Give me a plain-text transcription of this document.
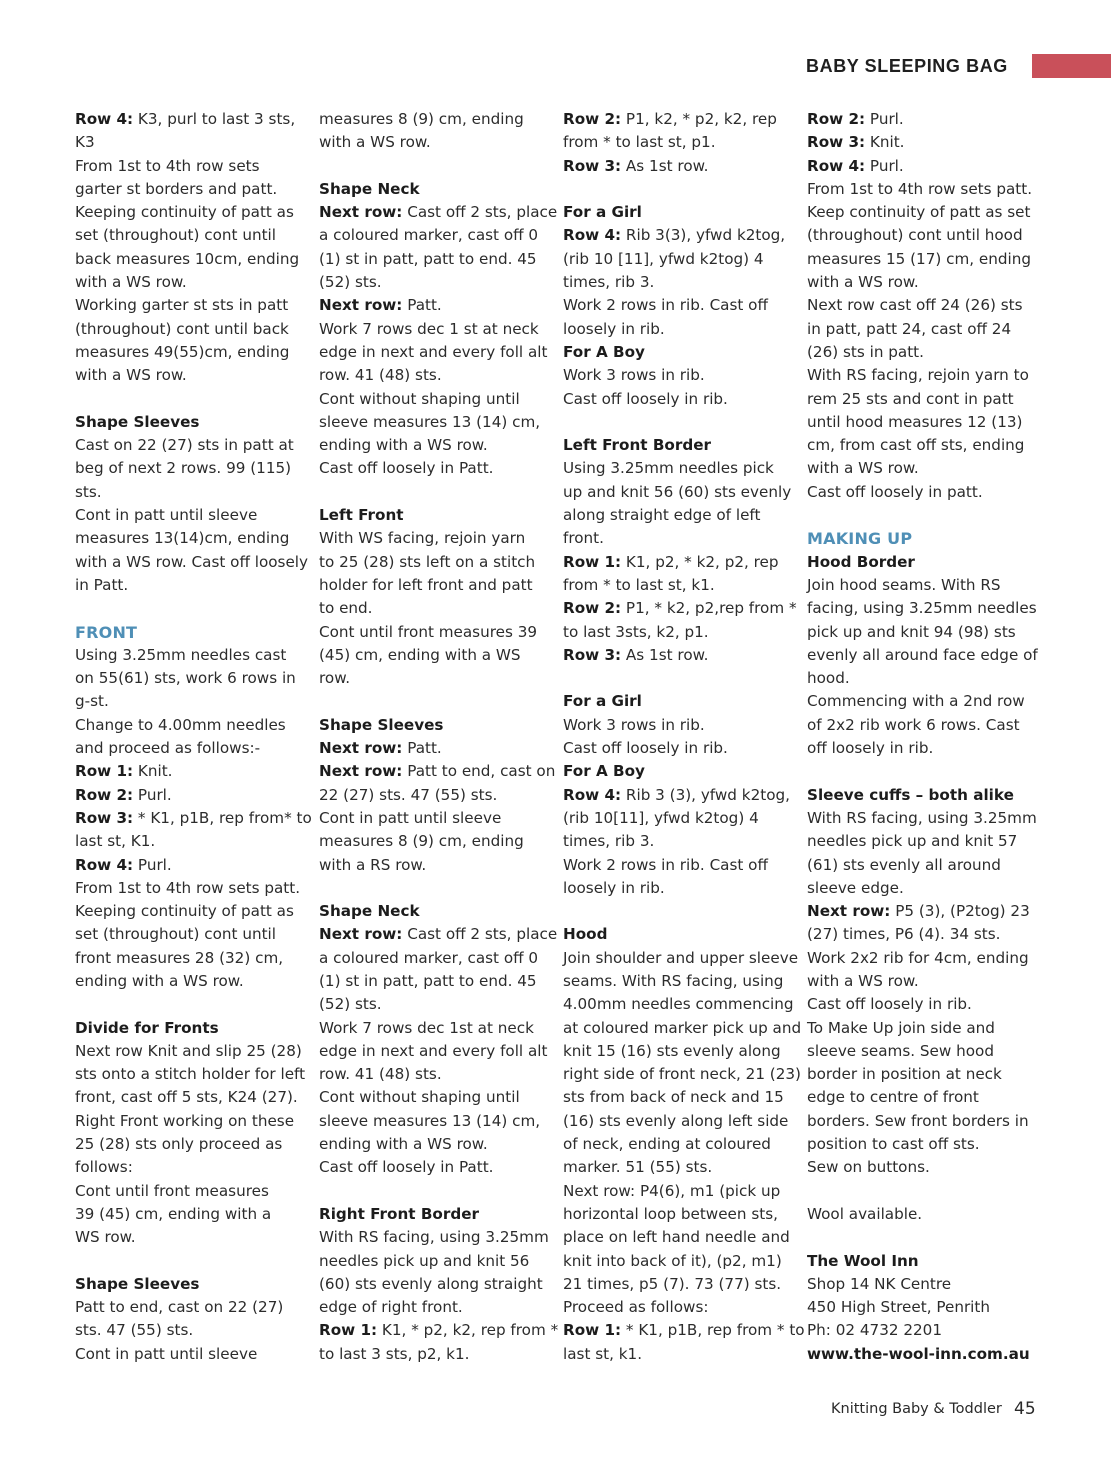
BABY SLEEPING BAG
Row 4: K3, purl to last 3 sts,
K3
From 1st to 4th row sets
garter st borders and patt.
Keeping continuity of patt as
set (throughout) cont until
back measures 10cm, ending
with a WS row.
Working garter st sts in patt
(throughout) cont until back
measures 49(55)cm, ending
with a WS row.
Shape Sleeves
Cast on 22 (27) sts in patt at
beg of next 2 rows. 99 (115)
sts.
Cont in patt until sleeve
measures 13(14)cm, ending
with a WS row. Cast off loosely
in Patt.
FRONT
Using 3.25mm needles cast
on 55(61) sts, work 6 rows in
g-st.
Change to 4.00mm needles
and proceed as follows:-
Row 1: Knit.
Row 2: Purl.
Row 3: * K1, p1B, rep from* to
last st, K1.
Row 4: Purl.
From 1st to 4th row sets patt.
Keeping continuity of patt as
set (throughout) cont until
front measures 28 (32) cm,
ending with a WS row.
Divide for Fronts
Next row Knit and slip 25 (28)
sts onto a stitch holder for left
front, cast off 5 sts, K24 (27).
Right Front working on these
25 (28) sts only proceed as
follows:
Cont until front measures
39 (45) cm, ending with a
WS row.
Shape Sleeves
Patt to end, cast on 22 (27)
sts. 47 (55) sts.
Cont in patt until sleeve
measures 8 (9) cm, ending
with a WS row.
Shape Neck
Next row: Cast off 2 sts, place
a coloured marker, cast off 0
(1) st in patt, patt to end. 45
(52) sts.
Next row: Patt.
Work 7 rows dec 1 st at neck
edge in next and every foll alt
row. 41 (48) sts.
Cont without shaping until
sleeve measures 13 (14) cm,
ending with a WS row.
Cast off loosely in Patt.
Left Front
With WS facing, rejoin yarn
to 25 (28) sts left on a stitch
holder for left front and patt
to end.
Cont until front measures 39
(45) cm, ending with a WS
row.
Shape Sleeves
Next row: Patt.
Next row: Patt to end, cast on
22 (27) sts. 47 (55) sts.
Cont in patt until sleeve
measures 8 (9) cm, ending
with a RS row.
Shape Neck
Next row: Cast off 2 sts, place
a coloured marker, cast off 0
(1) st in patt, patt to end. 45
(52) sts.
Work 7 rows dec 1st at neck
edge in next and every foll alt
row. 41 (48) sts.
Cont without shaping until
sleeve measures 13 (14) cm,
ending with a WS row.
Cast off loosely in Patt.
Right Front Border
With RS facing, using 3.25mm
needles pick up and knit 56
(60) sts evenly along straight
edge of right front.
Row 1: K1, * p2, k2, rep from *
to last 3 sts, p2, k1.
Row 2: P1, k2, * p2, k2, rep
from * to last st, p1.
Row 3: As 1st row.
For a Girl
Row 4: Rib 3(3), yfwd k2tog,
(rib 10 [11], yfwd k2tog) 4
times, rib 3.
Work 2 rows in rib. Cast off
loosely in rib.
For A Boy
Work 3 rows in rib.
Cast off loosely in rib.
Left Front Border
Using 3.25mm needles pick
up and knit 56 (60) sts evenly
along straight edge of left
front.
Row 1: K1, p2, * k2, p2, rep
from * to last st, k1.
Row 2: P1, * k2, p2,rep from *
to last 3sts, k2, p1.
Row 3: As 1st row.
For a Girl
Work 3 rows in rib.
Cast off loosely in rib.
For A Boy
Row 4: Rib 3 (3), yfwd k2tog,
(rib 10[11], yfwd k2tog) 4
times, rib 3.
Work 2 rows in rib. Cast off
loosely in rib.
Hood
Join shoulder and upper sleeve
seams. With RS facing, using
4.00mm needles commencing
at coloured marker pick up and
knit 15 (16) sts evenly along
right side of front neck, 21 (23)
sts from back of neck and 15
(16) sts evenly along left side
of neck, ending at coloured
marker. 51 (55) sts.
Next row: P4(6), m1 (pick up
horizontal loop between sts,
place on left hand needle and
knit into back of it), (p2, m1)
21 times, p5 (7). 73 (77) sts.
Proceed as follows:
Row 1: * K1, p1B, rep from * to
last st, k1.
Row 2: Purl.
Row 3: Knit.
Row 4: Purl.
From 1st to 4th row sets patt.
Keep continuity of patt as set
(throughout) cont until hood
measures 15 (17) cm, ending
with a WS row.
Next row cast off 24 (26) sts
in patt, patt 24, cast off 24
(26) sts in patt.
With RS facing, rejoin yarn to
rem 25 sts and cont in patt
until hood measures 12 (13)
cm, from cast off sts, ending
with a WS row.
Cast off loosely in patt.
MAKING UP
Hood Border
Join hood seams. With RS
facing, using 3.25mm needles
pick up and knit 94 (98) sts
evenly all around face edge of
hood.
Commencing with a 2nd row
of 2x2 rib work 6 rows. Cast
off loosely in rib.
Sleeve cuffs – both alike
With RS facing, using 3.25mm
needles pick up and knit 57
(61) sts evenly all around
sleeve edge.
Next row: P5 (3), (P2tog) 23
(27) times, P6 (4). 34 sts.
Work 2x2 rib for 4cm, ending
with a WS row.
Cast off loosely in rib.
To Make Up join side and
sleeve seams. Sew hood
border in position at neck
edge to centre of front
borders. Sew front borders in
position to cast off sts.
Sew on buttons.
Wool available.
The Wool Inn
Shop 14 NK Centre
450 High Street, Penrith
Ph: 02 4732 2201
www.the-wool-inn.com.au
Knitting Baby & Toddler 45
